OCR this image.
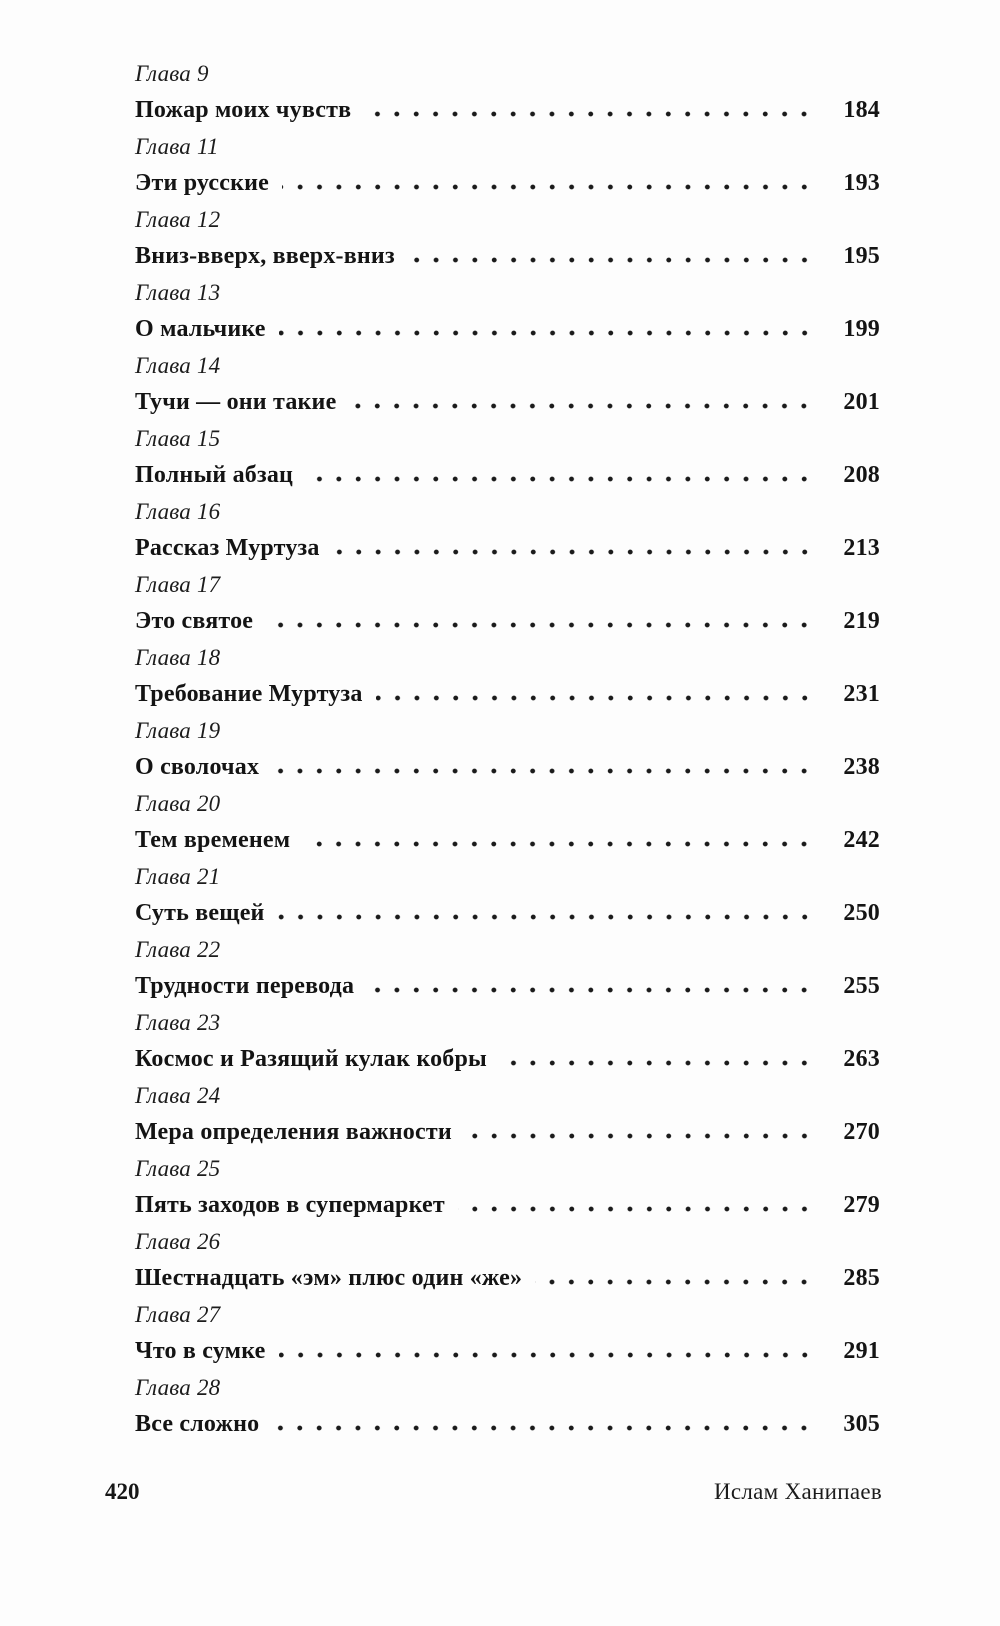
Глава 9
Пожар моих чувств	184
Глава 11
Эти русские	193
Глава 12
Вниз-вверх, вверх-вниз	195
Глава 13
О мальчике	199
Глава 14
Тучи — они такие	201
Глава 15
Полный абзац	208
Глава 16
Рассказ Муртуза	213
Глава 17
Это святое	219
Глава 18
Требование Муртуза	231
Глава 19
О сволочах	238
Глава 20
Тем временем	242
Глава 21
Суть вещей	250
Глава 22
Трудности перевода	255
Глава 23
Космос и Разящий кулак кобры	263
Глава 24
Мера определения важности	270
Глава 25
Пять заходов в супермаркет	279
Глава 26
Шестнадцать «эм» плюс один «же»	285
Глава 27
Что в сумке	291
Глава 28
Все сложно	305
420	Ислам Ханипаев
